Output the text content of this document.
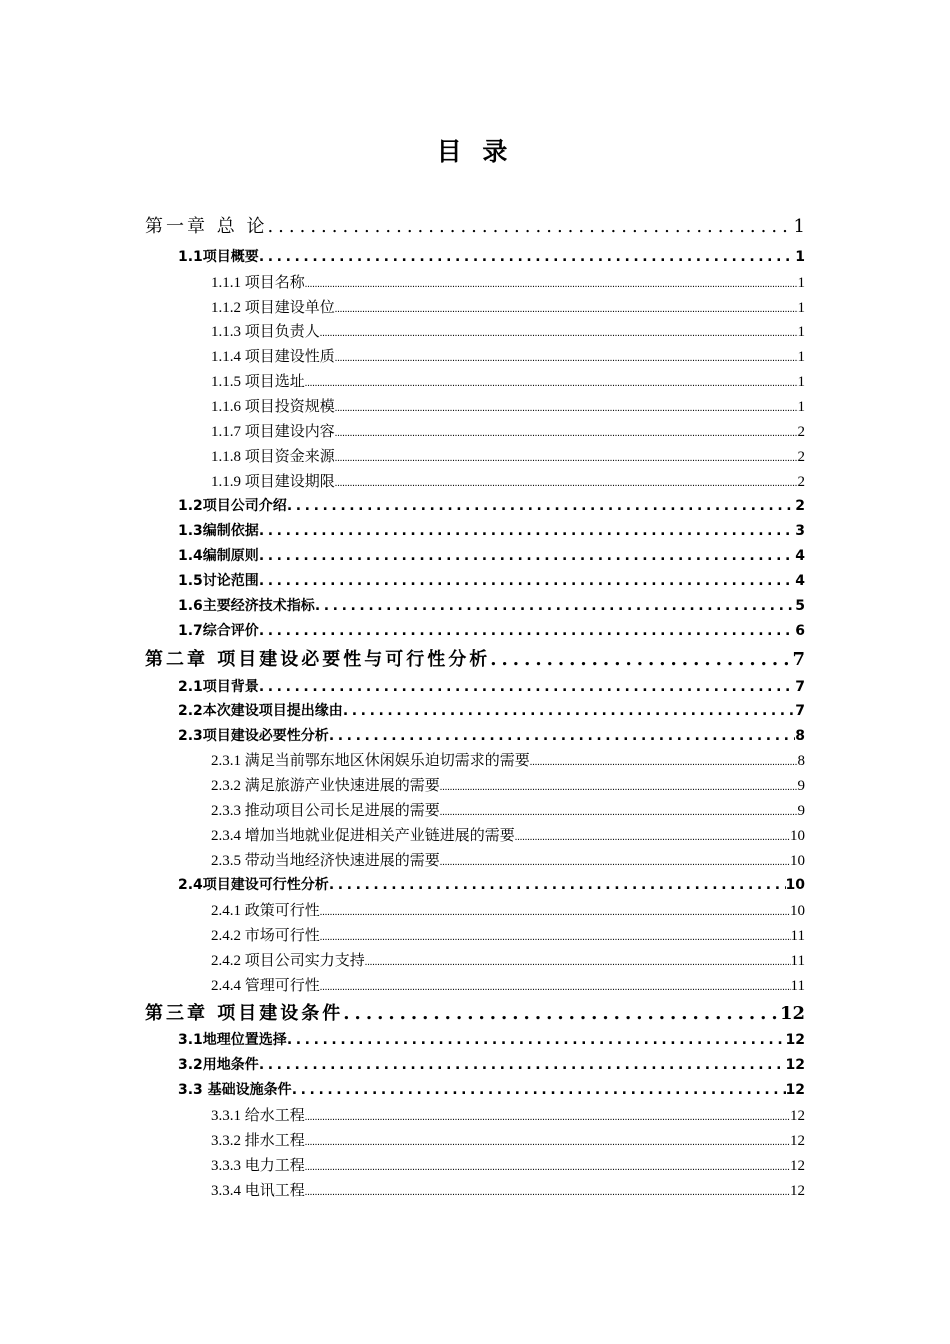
目 录
第一章 总 论 .....	1
1.1项目概要 .....	1
1.1.1 项目名称 .....	1
1.1.2 项目建设单位 .....	1
1.1.3 项目负责人 .....	1
1.1.4 项目建设性质 .....	1
1.1.5 项目选址 .....	1
1.1.6 项目投资规模 .....	1
1.1.7 项目建设内容 .....	2
1.1.8 项目资金来源 .....	2
1.1.9 项目建设期限 .....	2
1.2项目公司介绍 .....	2
1.3编制依据 .....	3
1.4编制原则 .....	4
1.5讨论范围 .....	4
1.6主要经济技术指标 .....	5
1.7综合评价 .....	6
第二章 项目建设必要性与可行性分析 .....	7
2.1项目背景 .....	7
2.2本次建设项目提出缘由 .....	7
2.3项目建设必要性分析 .....	8
2.3.1 满足当前鄂东地区休闲娱乐迫切需求的需要 .....	8
2.3.2 满足旅游产业快速进展的需要 .....	9
2.3.3 推动项目公司长足进展的需要 .....	9
2.3.4 增加当地就业促进相关产业链进展的需要 .....	10
2.3.5 带动当地经济快速进展的需要 .....	10
2.4项目建设可行性分析 .....	10
2.4.1 政策可行性 .....	10
2.4.2 市场可行性 .....	11
2.4.2 项目公司实力支持 .....	11
2.4.4 管理可行性 .....	11
第三章 项目建设条件 .....	12
3.1地理位置选择 .....	12
3.2用地条件 .....	12
3.3 基础设施条件 .....	12
3.3.1 给水工程 .....	12
3.3.2 排水工程 .....	12
3.3.3 电力工程 .....	12
3.3.4 电讯工程 .....	12
